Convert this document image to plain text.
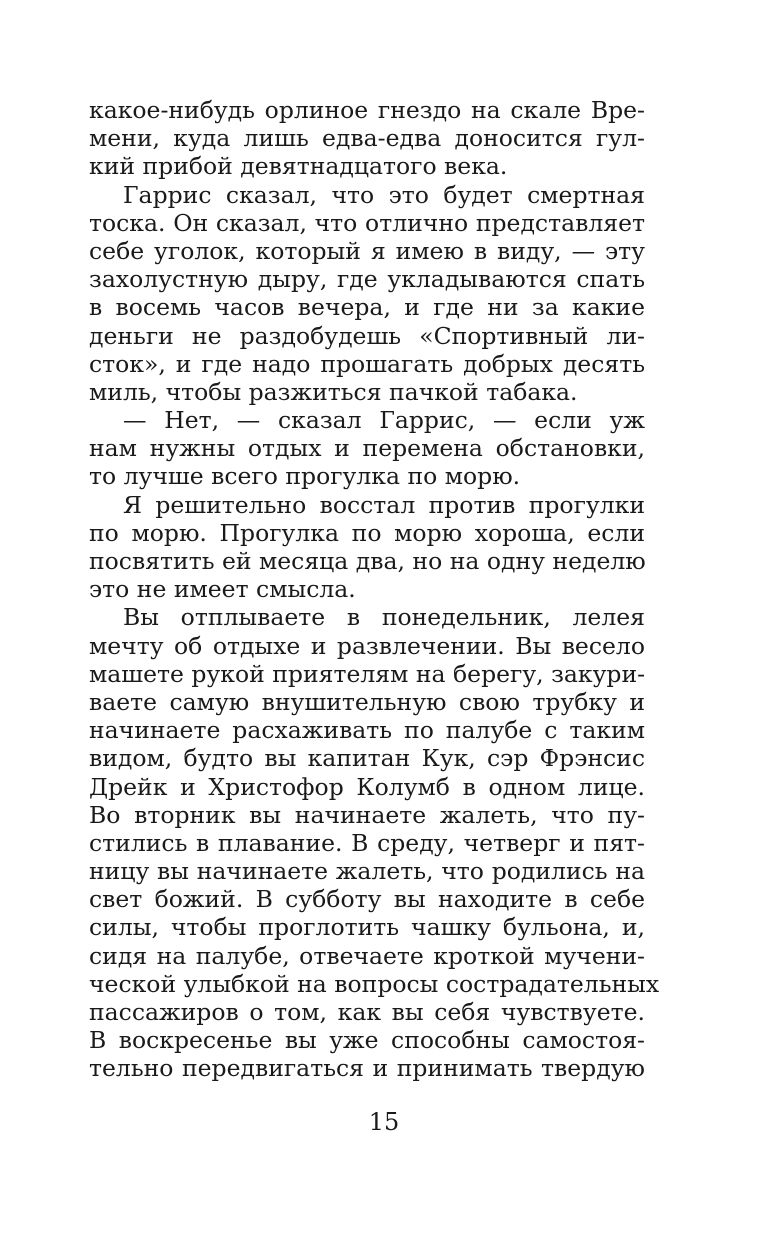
какое-нибудь орлиное гнездо на скале Вре-
мени, куда лишь едва-едва доносится гул-
кий прибой девятнадцатого века.
Гаррис сказал, что это будет смертная
тоска. Он сказал, что отлично представляет
себе уголок, который я имею в виду, — эту
захолустную дыру, где укладываются спать
в восемь часов вечера, и где ни за какие
деньги не раздобудешь «Спортивный ли-
сток», и где надо прошагать добрых десять
миль, чтобы разжиться пачкой табака.
— Нет, — сказал Гаррис, — если уж
нам нужны отдых и перемена обстановки,
то лучше всего прогулка по морю.
Я решительно восстал против прогулки
по морю. Прогулка по морю хороша, если
посвятить ей месяца два, но на одну неделю
это не имеет смысла.
Вы отплываете в понедельник, лелея
мечту об отдыхе и развлечении. Вы весело
машете рукой приятелям на берегу, закури-
ваете самую внушительную свою трубку и
начинаете расхаживать по палубе с таким
видом, будто вы капитан Кук, сэр Фрэнсис
Дрейк и Христофор Колумб в одном лице.
Во вторник вы начинаете жалеть, что пу-
стились в плавание. В среду, четверг и пят-
ницу вы начинаете жалеть, что родились на
свет божий. В субботу вы находите в себе
силы, чтобы проглотить чашку бульона, и,
сидя на палубе, отвечаете кроткой мучени-
ческой улыбкой на вопросы сострадательных
пассажиров о том, как вы себя чувствуете.
В воскресенье вы уже способны самостоя-
тельно передвигаться и принимать твердую
15
